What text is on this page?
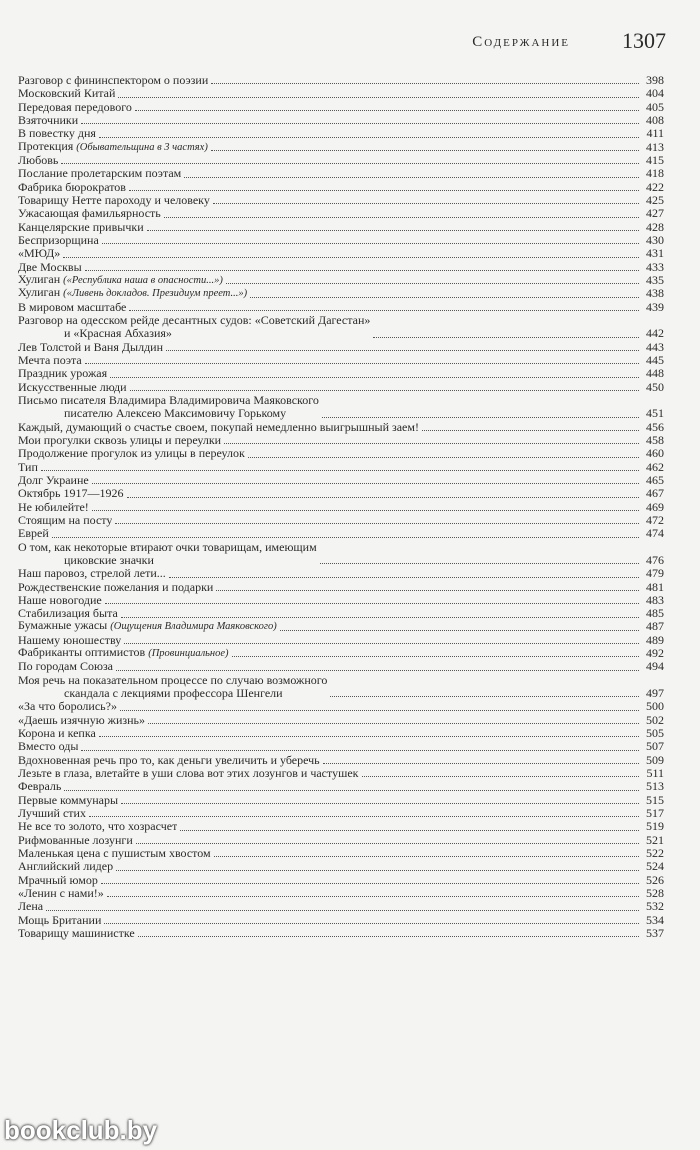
Содержание 1307
Разговор с фининспектором о поэзии	398
Московский Китай	404
Передовая передового	405
Взяточники	408
В повестку дня	411
Протекция (Обывательщина в 3 частях)	413
Любовь	415
Послание пролетарским поэтам	418
Фабрика бюрократов	422
Товарищу Нетте пароходу и человеку	425
Ужасающая фамильярность	427
Канцелярские привычки	428
Беспризорщина	430
«МЮД»	431
Две Москвы	433
Хулиган («Республика наша в опасности...»)	435
Хулиган («Ливень докладов. Президиум преет...»)	438
В мировом масштабе	439
Разговор на одесском рейде десантных судов: «Советский Дагестан»
и «Красная Абхазия»	442
Лев Толстой и Ваня Дылдин	443
Мечта поэта	445
Праздник урожая	448
Искусственные люди	450
Письмо писателя Владимира Владимировича Маяковского
писателю Алексею Максимовичу Горькому	451
Каждый, думающий о счастье своем, покупай немедленно выигрышный заем!	456
Мои прогулки сквозь улицы и переулки	458
Продолжение прогулок из улицы в переулок	460
Тип	462
Долг Украине	465
Октябрь 1917—1926	467
Не юбилейте!	469
Стоящим на посту	472
Еврей	474
О том, как некоторые втирают очки товарищам, имеющим
циковские значки	476
Наш паровоз, стрелой лети...	479
Рождественские пожелания и подарки	481
Наше новогодие	483
Стабилизация быта	485
Бумажные ужасы (Ощущения Владимира Маяковского)	487
Нашему юношеству	489
Фабриканты оптимистов (Провинциальное)	492
По городам Союза	494
Моя речь на показательном процессе по случаю возможного
скандала с лекциями профессора Шенгели	497
«За что боролись?»	500
«Даешь изячную жизнь»	502
Корона и кепка	505
Вместо оды	507
Вдохновенная речь про то, как деньги увеличить и уберечь	509
Лезьте в глаза, влетайте в уши слова вот этих лозунгов и частушек	511
Февраль	513
Первые коммунары	515
Лучший стих	517
Не все то золото, что хозрасчет	519
Рифмованные лозунги	521
Маленькая цена с пушистым хвостом	522
Английский лидер	524
Мрачный юмор	526
«Ленин с нами!»	528
Лена	532
Мощь Британии	534
Товарищу машинистке	537
bookclub.by
